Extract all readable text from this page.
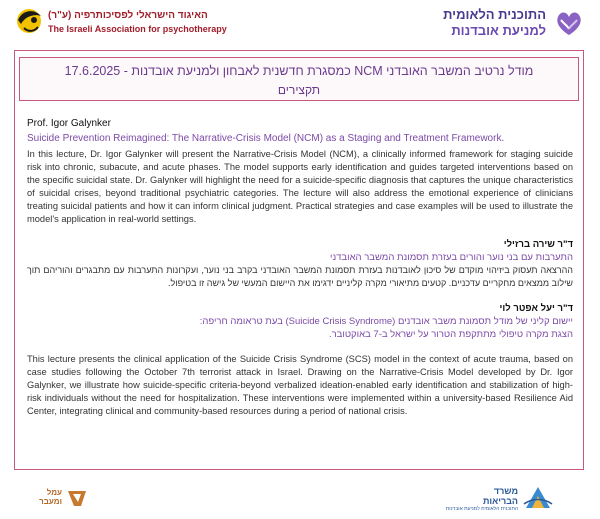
האיגוד הישראלי לפסיכותרפיה (ע"ר)
The Israeli Association for psychotherapy
התוכנית הלאומית
למניעת אובדנות
מודל נרטיב המשבר האובדני NCM כמסגרת חדשנית לאבחון ולמניעת אובדנות - 17.6.2025
תקצירים
Prof. Igor Galynker
Suicide Prevention Reimagined: The Narrative-Crisis Model (NCM) as a Staging and Treatment Framework.
In this lecture, Dr. Igor Galynker will present the Narrative-Crisis Model (NCM), a clinically informed framework for staging suicide risk into chronic, subacute, and acute phases. The model supports early identification and guides targeted interventions based on the specific suicidal state. Dr. Galynker will highlight the need for a suicide-specific diagnosis that captures the unique characteristics of suicidal crises, beyond traditional psychiatric categories. The lecture will also address the emotional experience of clinicians treating suicidal patients and how it can inform clinical judgment. Practical strategies and case examples will be used to illustrate the model's application in real-world settings.
ד"ר שירה ברזילי
התערבות עם בני נוער והורים בעזרת תסמונת המשבר האובדני
ההרצאה תעסוק ביזיהוי מוקדם של סיכון לאובדנות בעזרת תסמונת המשבר האובדני בקרב בני נוער, ועקרונות התערבות עם מתבגרים והוריהם תוך שילוב ממצאים מחקריים עדכניים. קטעים מתיאורי מקרה קליניים ידגימו את היישום המעשי של גישה זו בטיפול.
ד"ר יעל אפטר לוי
יישום קליני של מודל תסמונת משבר אובדנים (Suicide Crisis Syndrome) בעת טראומה חריפה:
הצגת מקרה טיפולי מתתקפת הטרור על ישראל ב-7 באוקטובר.
This lecture presents the clinical application of the Suicide Crisis Syndrome (SCS) model in the context of acute trauma, based on case studies following the October 7th terrorist attack in Israel. Drawing on the Narrative-Crisis Model developed by Dr. Igor Galynker, we illustrate how suicide-specific criteria-beyond verbalized ideation-enabled early identification and stabilization of high-risk individuals without the need for hospitalization. These interventions were implemented within a university-based Resilience Aid Center, integrating clinical and community-based resources during a period of national crisis.
עמל
ומעבר
משרד
הבריאות
התוכנית הלאומית למניעת אובדנות
